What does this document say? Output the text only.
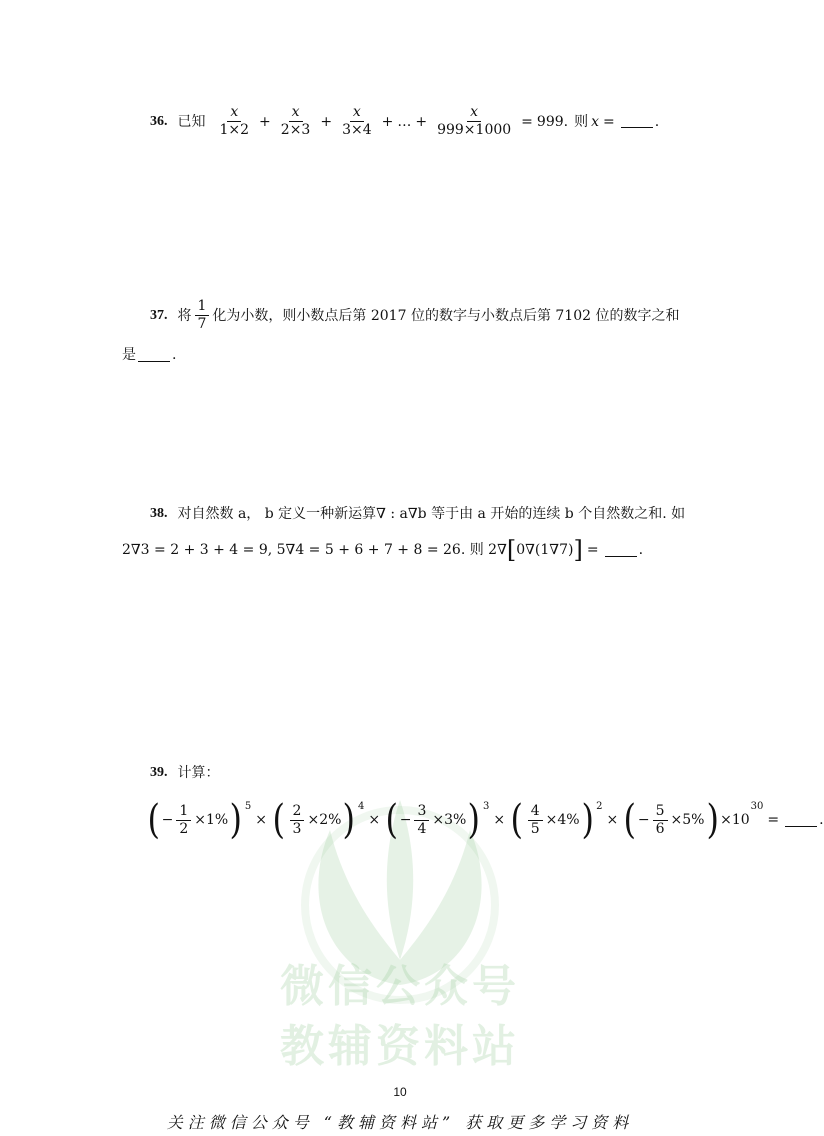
微信公众号
教辅资料站
36. 已知 $\frac{x}{1\times 2} + \frac{x}{2\times 3} + \frac{x}{3\times 4}$ + … + $\frac{x}{999\times 1000} = 999$. 则 x =	.
37. 将 $\frac{1}{7}$ 化为小数，则小数点后第 2017 位的数字与小数点后第 7102 位的数字之和
是	.
38. 对自然数 a， b 定义一种新运算∇ : a∇b 等于由 a 开始的连续 b 个自然数之和. 如
2∇3 = 2 + 3 + 4 = 9, 5∇4 = 5 + 6 + 7 + 8 = 26. 则 2∇ [ 0∇(1∇7) ] =	.
39. 计算：
( − $\frac{1}{2} \times 1\%$ ) 5
× ( $\frac{2}{3} \times 2\%$ ) 4
× ( − $\frac{3}{4} \times 3\%$ ) 3
× ( $\frac{4}{5} \times 4\%$ ) 2
× ( − $\frac{5}{6} \times 5\%$ ) ×10
30
=	.
10
关注微信公众号 “教辅资料站” 获取更多学习资料
